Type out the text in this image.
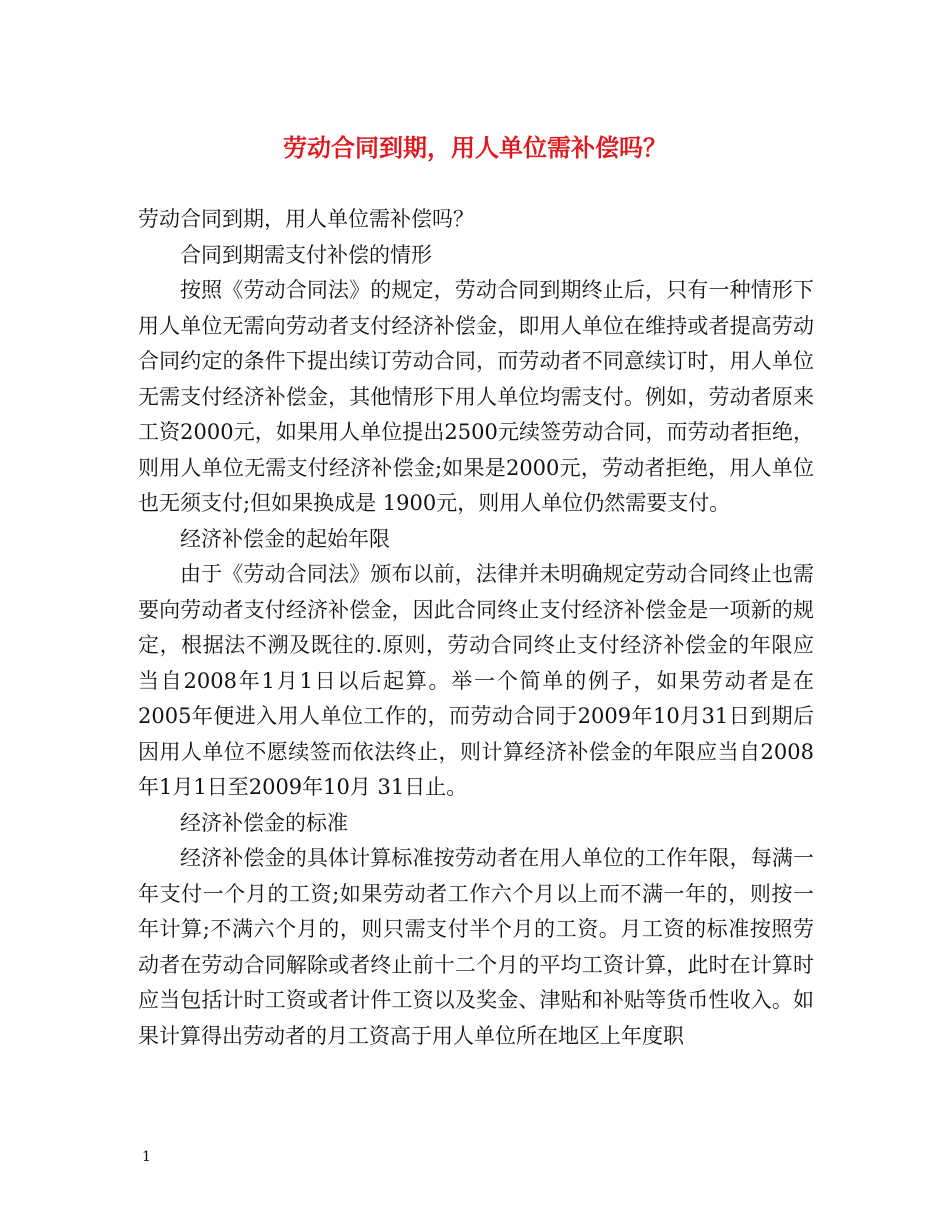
劳动合同到期，用人单位需补偿吗？

劳动合同到期，用人单位需补偿吗？

合同到期需支付补偿的情形

按照《劳动合同法》的规定，劳动合同到期终止后，只有一种情形下用人单位无需向劳动者支付经济补偿金，即用人单位在维持或者提高劳动合同约定的条件下提出续订劳动合同，而劳动者不同意续订时，用人单位无需支付经济补偿金，其他情形下用人单位均需支付。例如，劳动者原来工资2000元，如果用人单位提出2500元续签劳动合同，而劳动者拒绝，则用人单位无需支付经济补偿金;如果是2000元，劳动者拒绝，用人单位也无须支付;但如果换成是 1900元，则用人单位仍然需要支付。

经济补偿金的起始年限

由于《劳动合同法》颁布以前，法律并未明确规定劳动合同终止也需要向劳动者支付经济补偿金，因此合同终止支付经济补偿金是一项新的规定，根据法不溯及既往的.原则，劳动合同终止支付经济补偿金的年限应当自2008年1月1日以后起算。举一个简单的例子，如果劳动者是在2005年便进入用人单位工作的，而劳动合同于2009年10月31日到期后因用人单位不愿续签而依法终止，则计算经济补偿金的年限应当自2008年1月1日至2009年10月 31日止。

经济补偿金的标准

经济补偿金的具体计算标准按劳动者在用人单位的工作年限，每满一年支付一个月的工资;如果劳动者工作六个月以上而不满一年的，则按一年计算;不满六个月的，则只需支付半个月的工资。月工资的标准按照劳动者在劳动合同解除或者终止前十二个月的平均工资计算，此时在计算时应当包括计时工资或者计件工资以及奖金、津贴和补贴等货币性收入。如果计算得出劳动者的月工资高于用人单位所在地区上年度职

1
